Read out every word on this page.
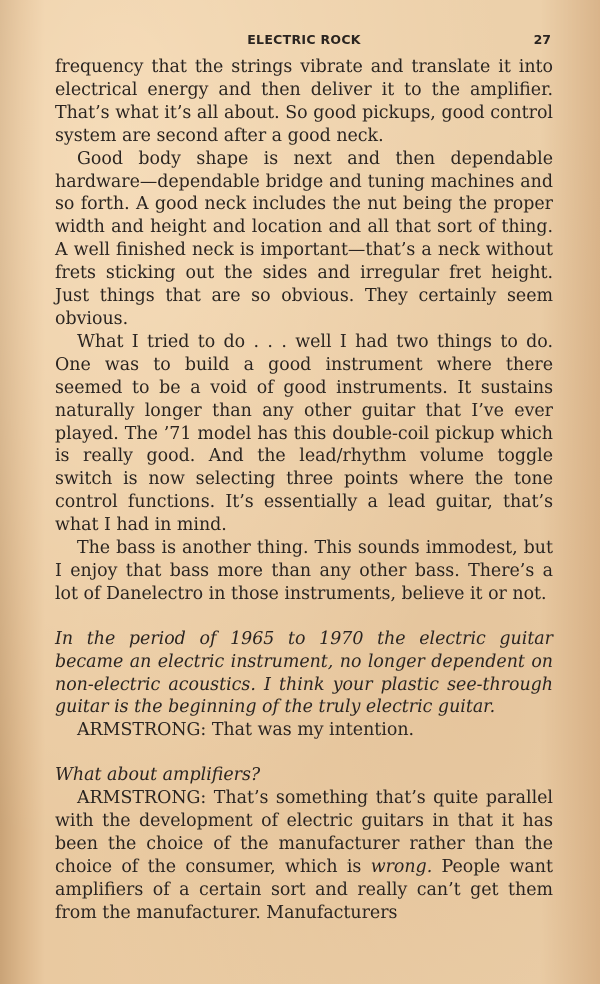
ELECTRIC ROCK	27

frequency that the strings vibrate and translate it into electrical energy and then deliver it to the amplifier. That’s what it’s all about. So good pickups, good control system are second after a good neck.

Good body shape is next and then dependable hardware—dependable bridge and tuning machines and so forth. A good neck includes the nut being the proper width and height and location and all that sort of thing. A well finished neck is important—that’s a neck without frets sticking out the sides and irregular fret height. Just things that are so obvious. They certainly seem obvious.

What I tried to do . . . well I had two things to do. One was to build a good instrument where there seemed to be a void of good instruments. It sustains naturally longer than any other guitar that I’ve ever played. The ’71 model has this double-coil pickup which is really good. And the lead/rhythm volume toggle switch is now selecting three points where the tone control functions. It’s essentially a lead guitar, that’s what I had in mind.

The bass is another thing. This sounds immodest, but I enjoy that bass more than any other bass. There’s a lot of Danelectro in those instruments, believe it or not.

In the period of 1965 to 1970 the electric guitar became an electric instrument, no longer dependent on non-electric acoustics. I think your plastic see-through guitar is the beginning of the truly electric guitar.

ARMSTRONG: That was my intention.

What about amplifiers?

ARMSTRONG: That’s something that’s quite parallel with the development of electric guitars in that it has been the choice of the manufacturer rather than the choice of the consumer, which is wrong. People want amplifiers of a certain sort and really can’t get them from the manufacturer. Manufacturers
